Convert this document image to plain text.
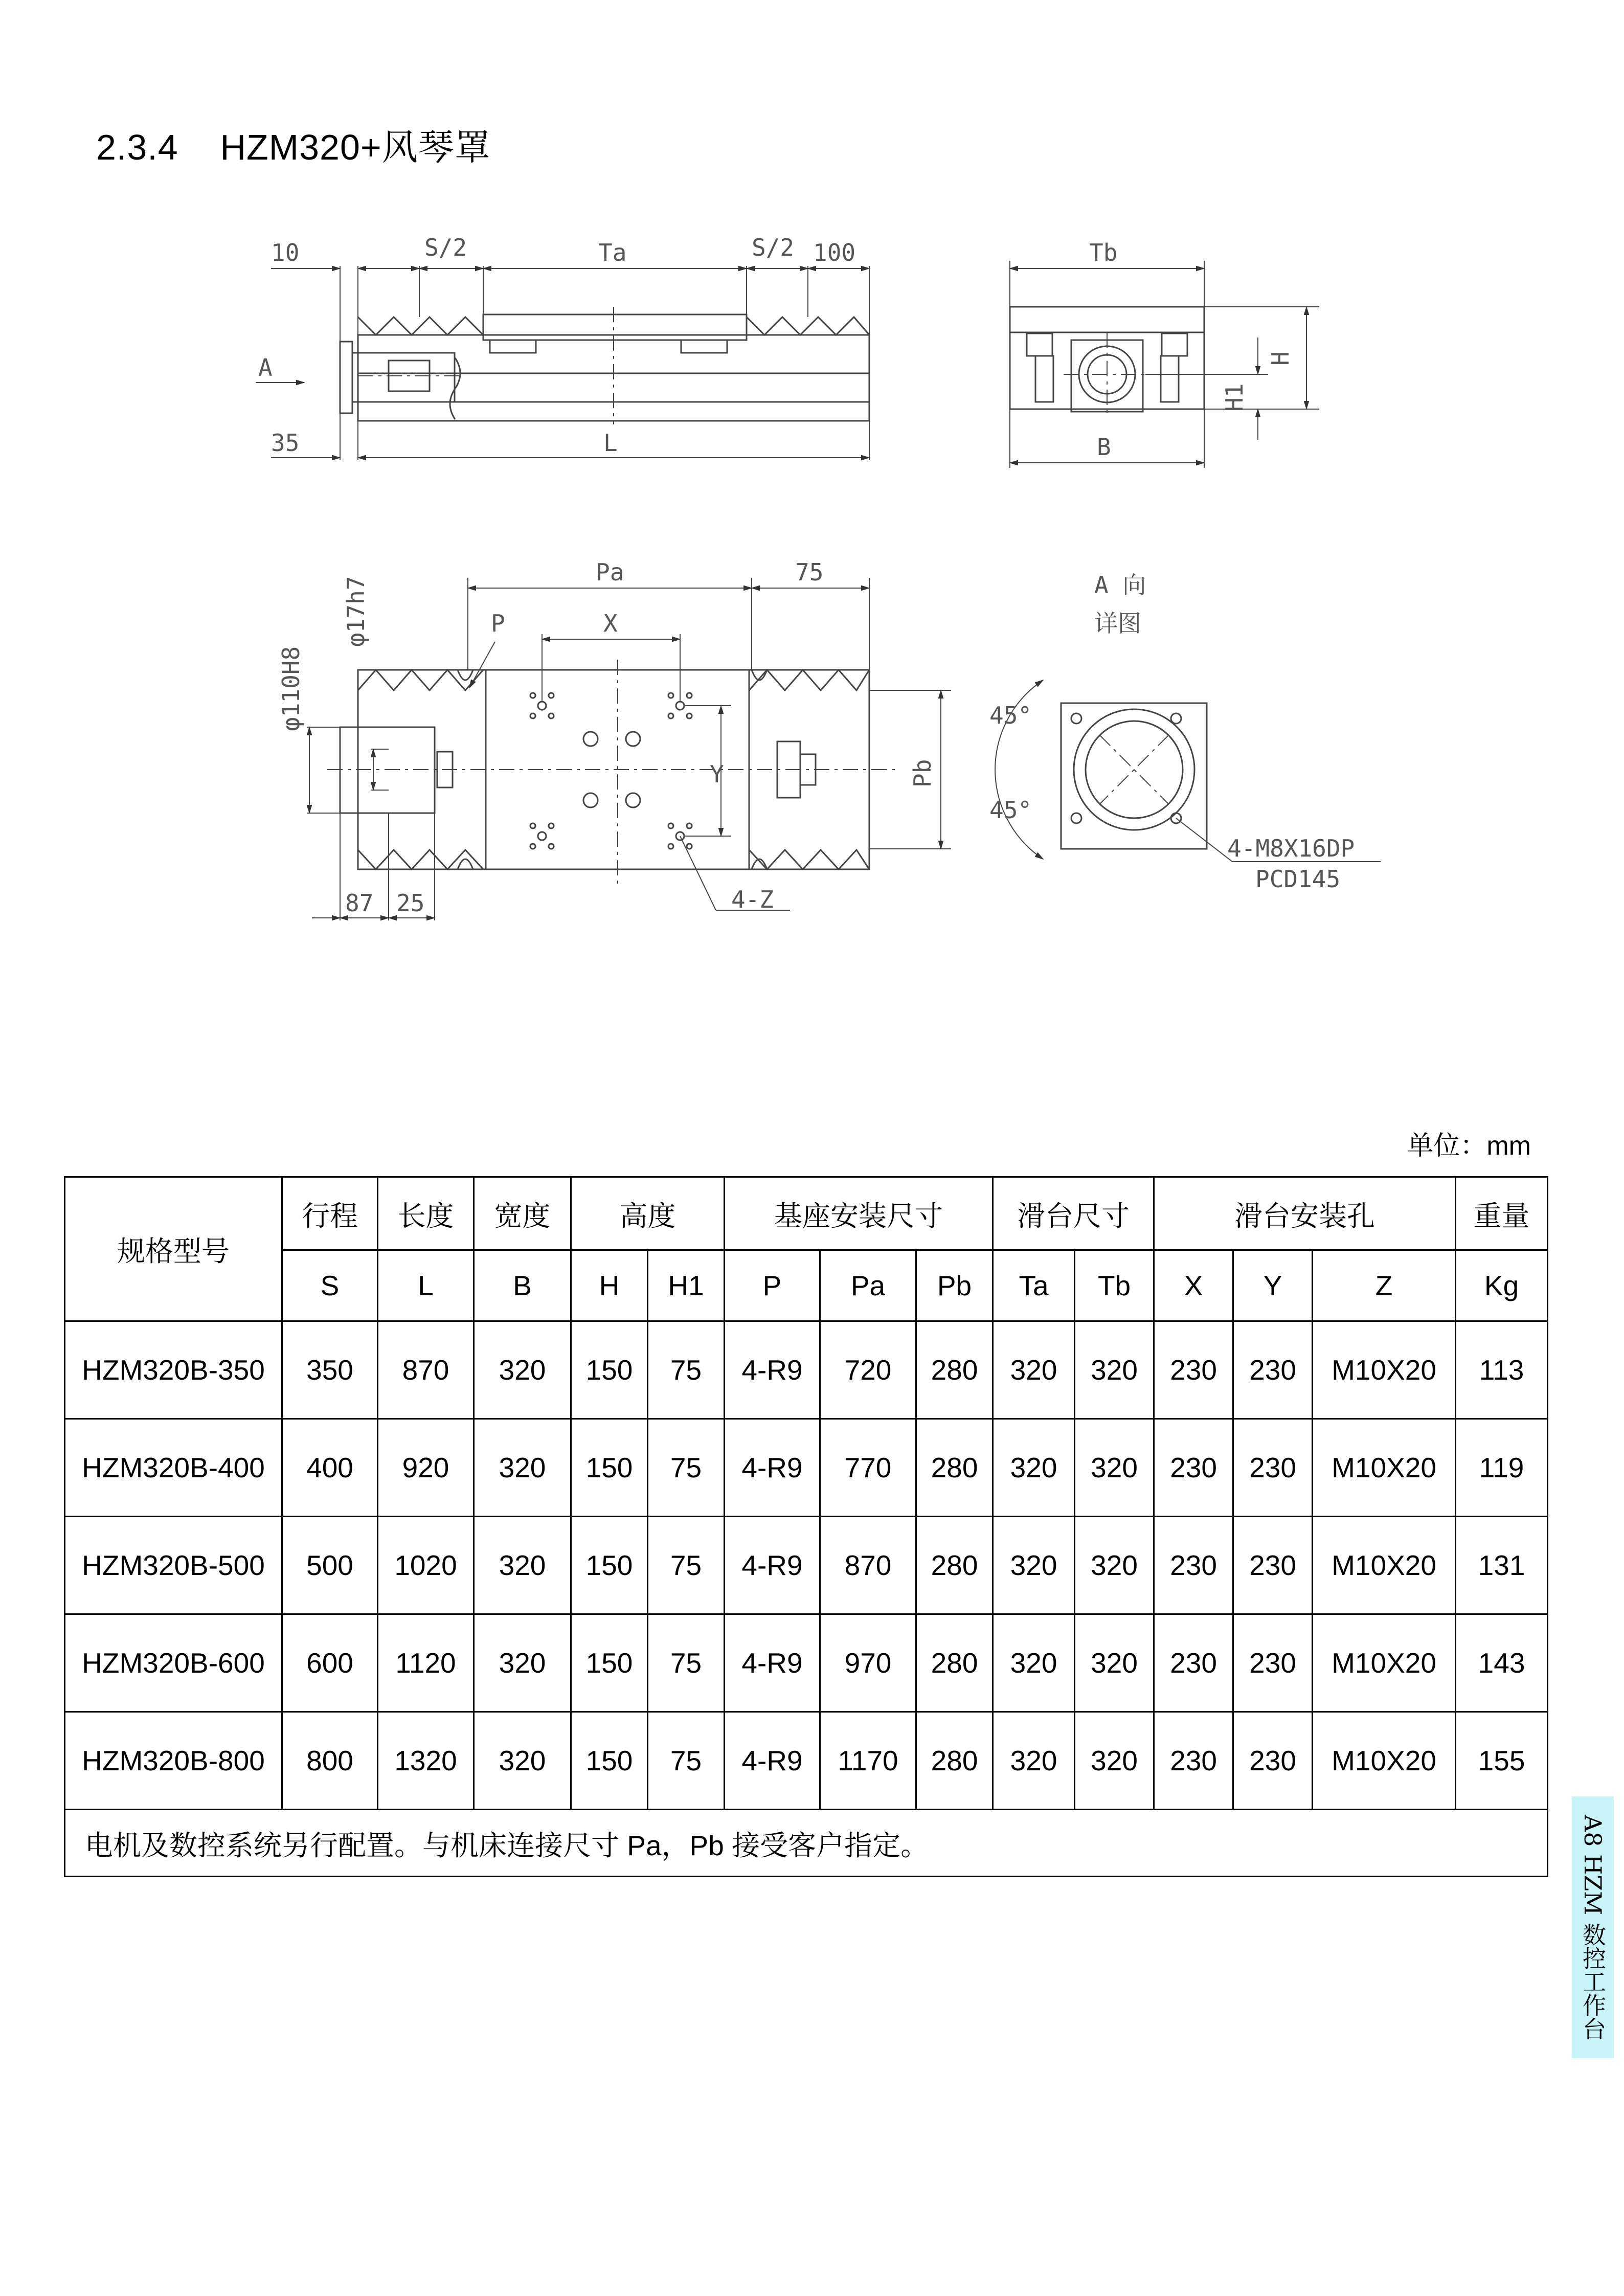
2.3.4    HZM320+风琴罩
10	S/2	Ta	S/2 100
A
35	L
Tb
B
H
H1
Pa	75
P	X
Y	Pb
φ17h7
φ110H8
87 25	4-Z
A 向
详图
45°
45°
4-M8X16DP
PCD145
单位：mm
规格型号	行程	长度	宽度	高度		基座安装尺寸			滑台尺寸		滑台安装孔			重量
	S	L	B	H	H1	P	Pa	Pb	Ta	Tb	X	Y	Z	Kg
HZM320B-350	350	870	320	150	75	4-R9	720	280	320	320	230	230	M10X20	113
HZM320B-400	400	920	320	150	75	4-R9	770	280	320	320	230	230	M10X20	119
HZM320B-500	500	1020	320	150	75	4-R9	870	280	320	320	230	230	M10X20	131
HZM320B-600	600	1120	320	150	75	4-R9	970	280	320	320	230	230	M10X20	143
HZM320B-800	800	1320	320	150	75	4-R9	1170	280	320	320	230	230	M10X20	155
电机及数控系统另行配置。与机床连接尺寸 Pa，Pb 接受客户指定。															A8 HZM 数控工作台
